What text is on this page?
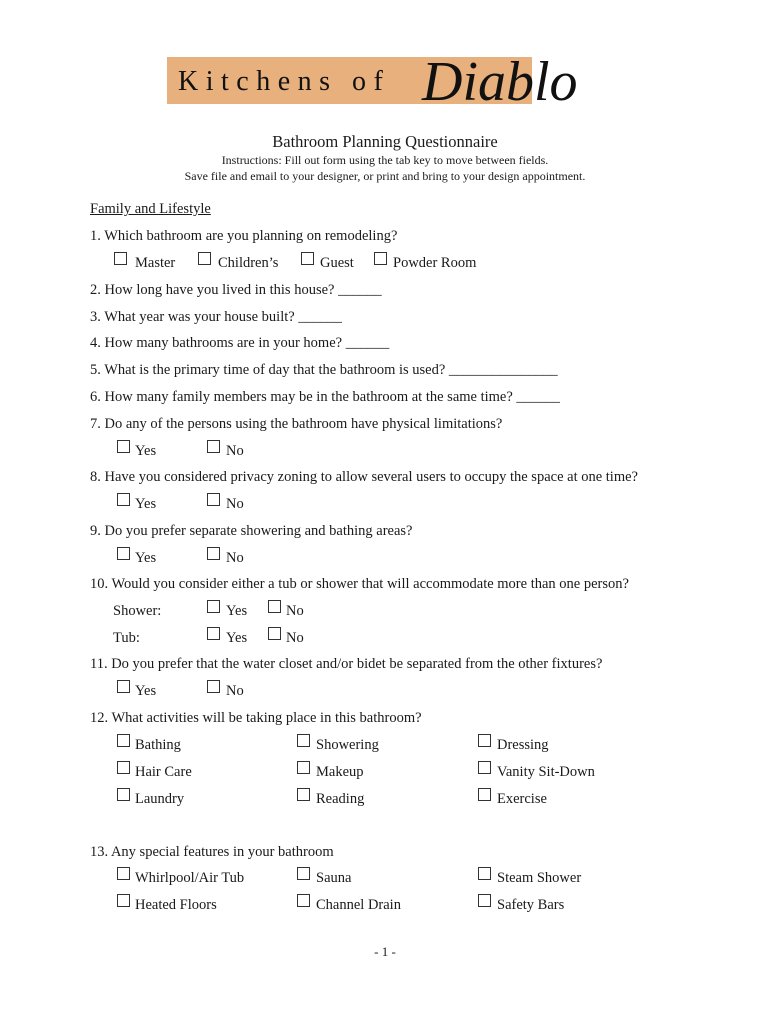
Kitchens of Diablo
Bathroom Planning Questionnaire
Instructions: Fill out form using the tab key to move between fields.
Save file and email to your designer, or print and bring to your design appointment.
Family and Lifestyle
1. Which bathroom are you planning on remodeling?
Master	Children’s	Guest	Powder Room
2. How long have you lived in this house? ______
3. What year was your house built? ______
4. How many bathrooms are in your home? ______
5. What is the primary time of day that the bathroom is used? _______________
6. How many family members may be in the bathroom at the same time? ______
7. Do any of the persons using the bathroom have physical limitations?
Yes	No
8. Have you considered privacy zoning to allow several users to occupy the space at one time?
Yes	No
9. Do you prefer separate showering and bathing areas?
Yes	No
10. Would you consider either a tub or shower that will accommodate more than one person?
Shower:	Yes	No
Tub:	Yes	No
11. Do you prefer that the water closet and/or bidet be separated from the other fixtures?
Yes	No
12. What activities will be taking place in this bathroom?
Bathing	Showering	Dressing
Hair Care	Makeup	Vanity Sit-Down
Laundry	Reading	Exercise
13. Any special features in your bathroom
Whirlpool/Air Tub	Sauna	Steam Shower
Heated Floors	Channel Drain	Safety Bars
- 1 -
